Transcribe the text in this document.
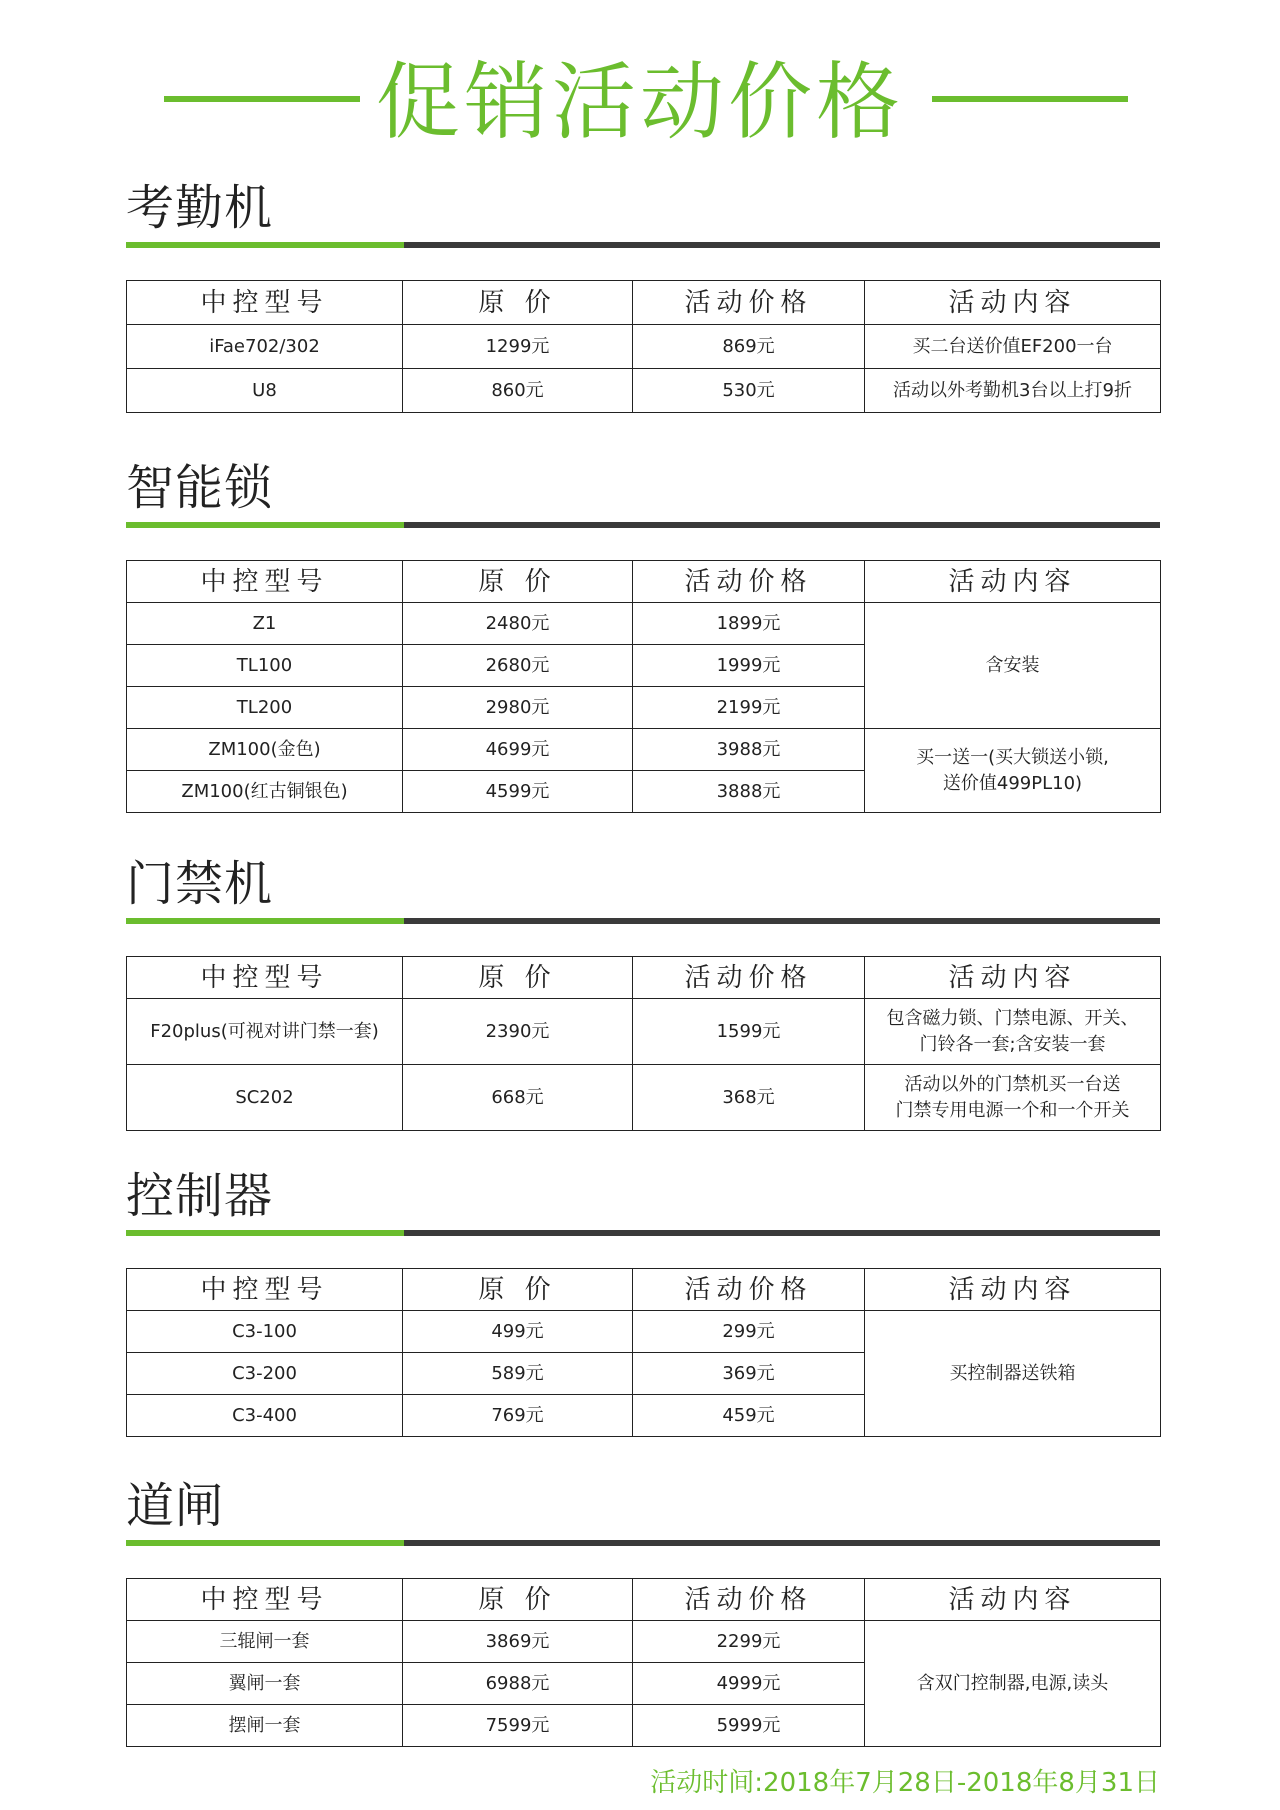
促销活动价格
考勤机
中控型号	原 价	活动价格	活动内容
iFae702/302	1299元	869元	买二台送价值EF200一台
U8	860元	530元	活动以外考勤机3台以上打9折
智能锁
中控型号	原 价	活动价格	活动内容
Z1	2480元	1899元	含安装
TL100	2680元	1999元	
TL200	2980元	2199元	
ZM100(金色)	4699元	3988元	买一送一(买大锁送小锁,
送价值499PL10)
ZM100(红古铜银色)	4599元	3888元	
门禁机
中控型号	原 价	活动价格	活动内容
F20plus(可视对讲门禁一套)	2390元	1599元	包含磁力锁、门禁电源、开关、
门铃各一套;含安装一套
SC202	668元	368元	活动以外的门禁机买一台送
门禁专用电源一个和一个开关
控制器
中控型号	原 价	活动价格	活动内容
C3-100	499元	299元	买控制器送铁箱
C3-200	589元	369元	
C3-400	769元	459元	
道闸
中控型号	原 价	活动价格	活动内容
三辊闸一套	3869元	2299元	含双门控制器,电源,读头
翼闸一套	6988元	4999元	
摆闸一套	7599元	5999元	
活动时间:2018年7月28日-2018年8月31日
